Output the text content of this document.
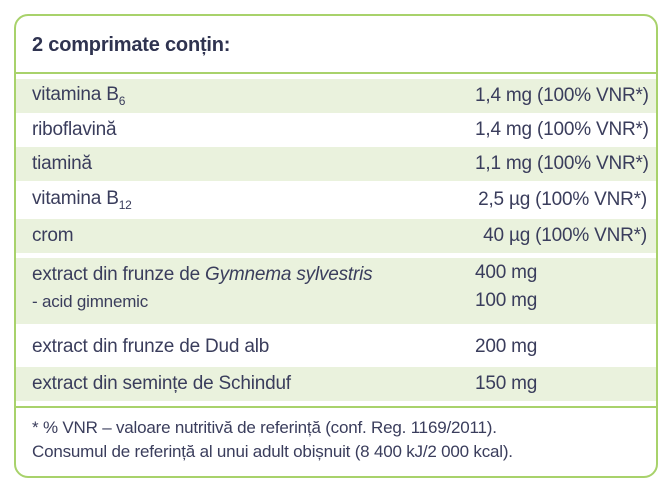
2 comprimate conțin:
vitamina $B_6$	1,4 mg (100% VNR*)
riboflavină	1,4 mg (100% VNR*)
tiamină	1,1 mg (100% VNR*)
vitamina $B_{12}$	2,5 µg (100% VNR*)
crom	40 µg (100% VNR*)
extract din frunze de Gymnema sylvestris	400 mg
- acid gimnemic	100 mg
extract din frunze de Dud alb	200 mg
extract din semințe de Schinduf	150 mg
* % VNR – valoare nutritivă de referință (conf. Reg. 1169/2011).
Consumul de referință al unui adult obișnuit (8 400 kJ/2 000 kcal).
